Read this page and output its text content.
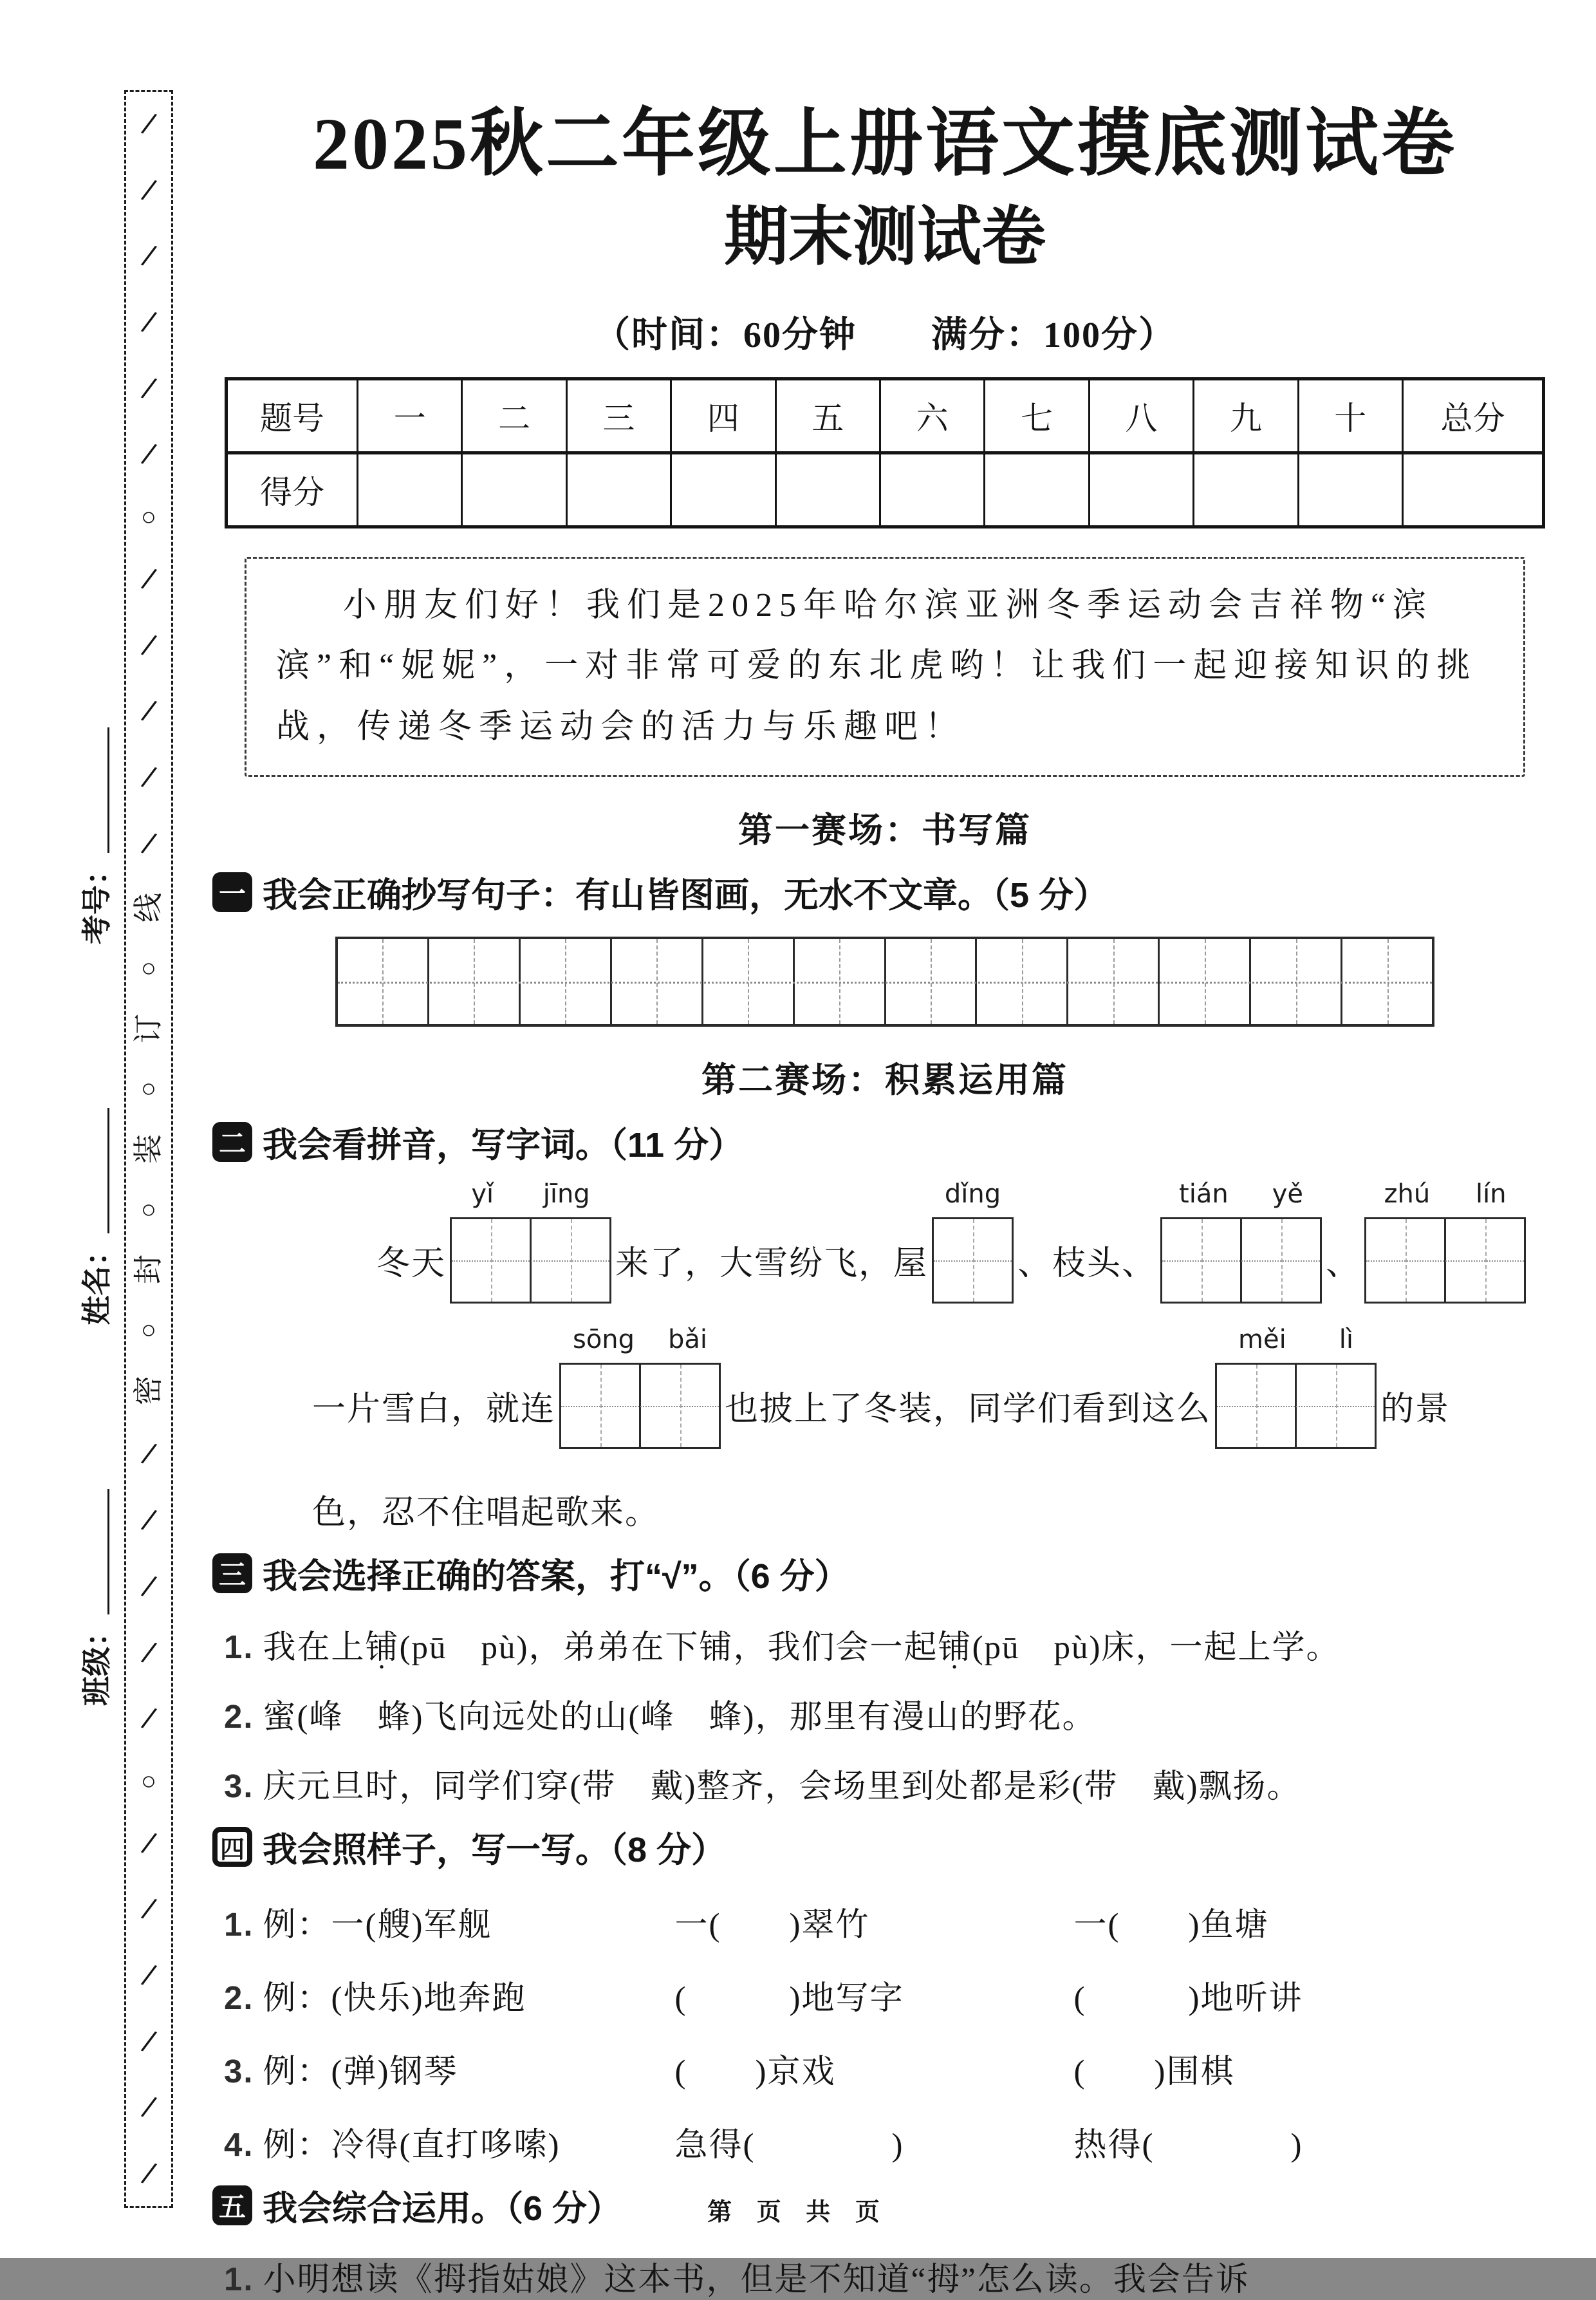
班级：
姓名：
考号：
/
/
/
/
/
/
○
/
/
/
/
/
线
○
订
○
装
○
封
○
密
/
/
/
/
/
○
/
/
/
/
/
/
2025秋二年级上册语文摸底测试卷
期末测试卷
（时间：60分钟　　满分：100分）
题号	一	二	三	四	五	六	七	八	九	十	总分
得分											
小朋友们好！我们是2025年哈尔滨亚洲冬季运动会吉祥物“滨滨”和“妮妮”，一对非常可爱的东北虎哟！让我们一起迎接知识的挑战，传递冬季运动会的活力与乐趣吧！
第一赛场：书写篇
一 我会正确抄写句子：有山皆图画，无水不文章。（5 分）
第二赛场：积累运用篇
二 我会看拼音，写字词。（11 分）
冬天
yǐ jīng
来了，大雪纷飞，屋
dǐng
、枝头、
tián yě
、
zhú lín
一片雪白，就连
sōng bǎi
也披上了冬装，同学们看到这么
měi lì
的景
色，忍不住唱起歌来。
三 我会选择正确的答案，打“√”。（6 分）
1. 我在上铺(pū　pù)，弟弟在下铺，我们会一起铺(pū　pù)床，一起上学。
2. 蜜(峰　蜂)飞向远处的山(峰　蜂)，那里有漫山的野花。
3. 庆元旦时，同学们穿(带　戴)整齐，会场里到处都是彩(带　戴)飘扬。
四 我会照样子，写一写。（8 分）
1. 例：一(艘)军舰	一(　　)翠竹	一(　　)鱼塘
2. 例：(快乐)地奔跑	(　　　)地写字	(　　　)地听讲
3. 例：(弹)钢琴	(　　)京戏	(　　)围棋
4. 例：冷得(直打哆嗦)	急得(　　　　)	热得(　　　　)
五 我会综合运用。（6 分）
1. 小明想读《拇指姑娘》这本书，但是不知道“拇”怎么读。我会告诉
第 页 共 页
